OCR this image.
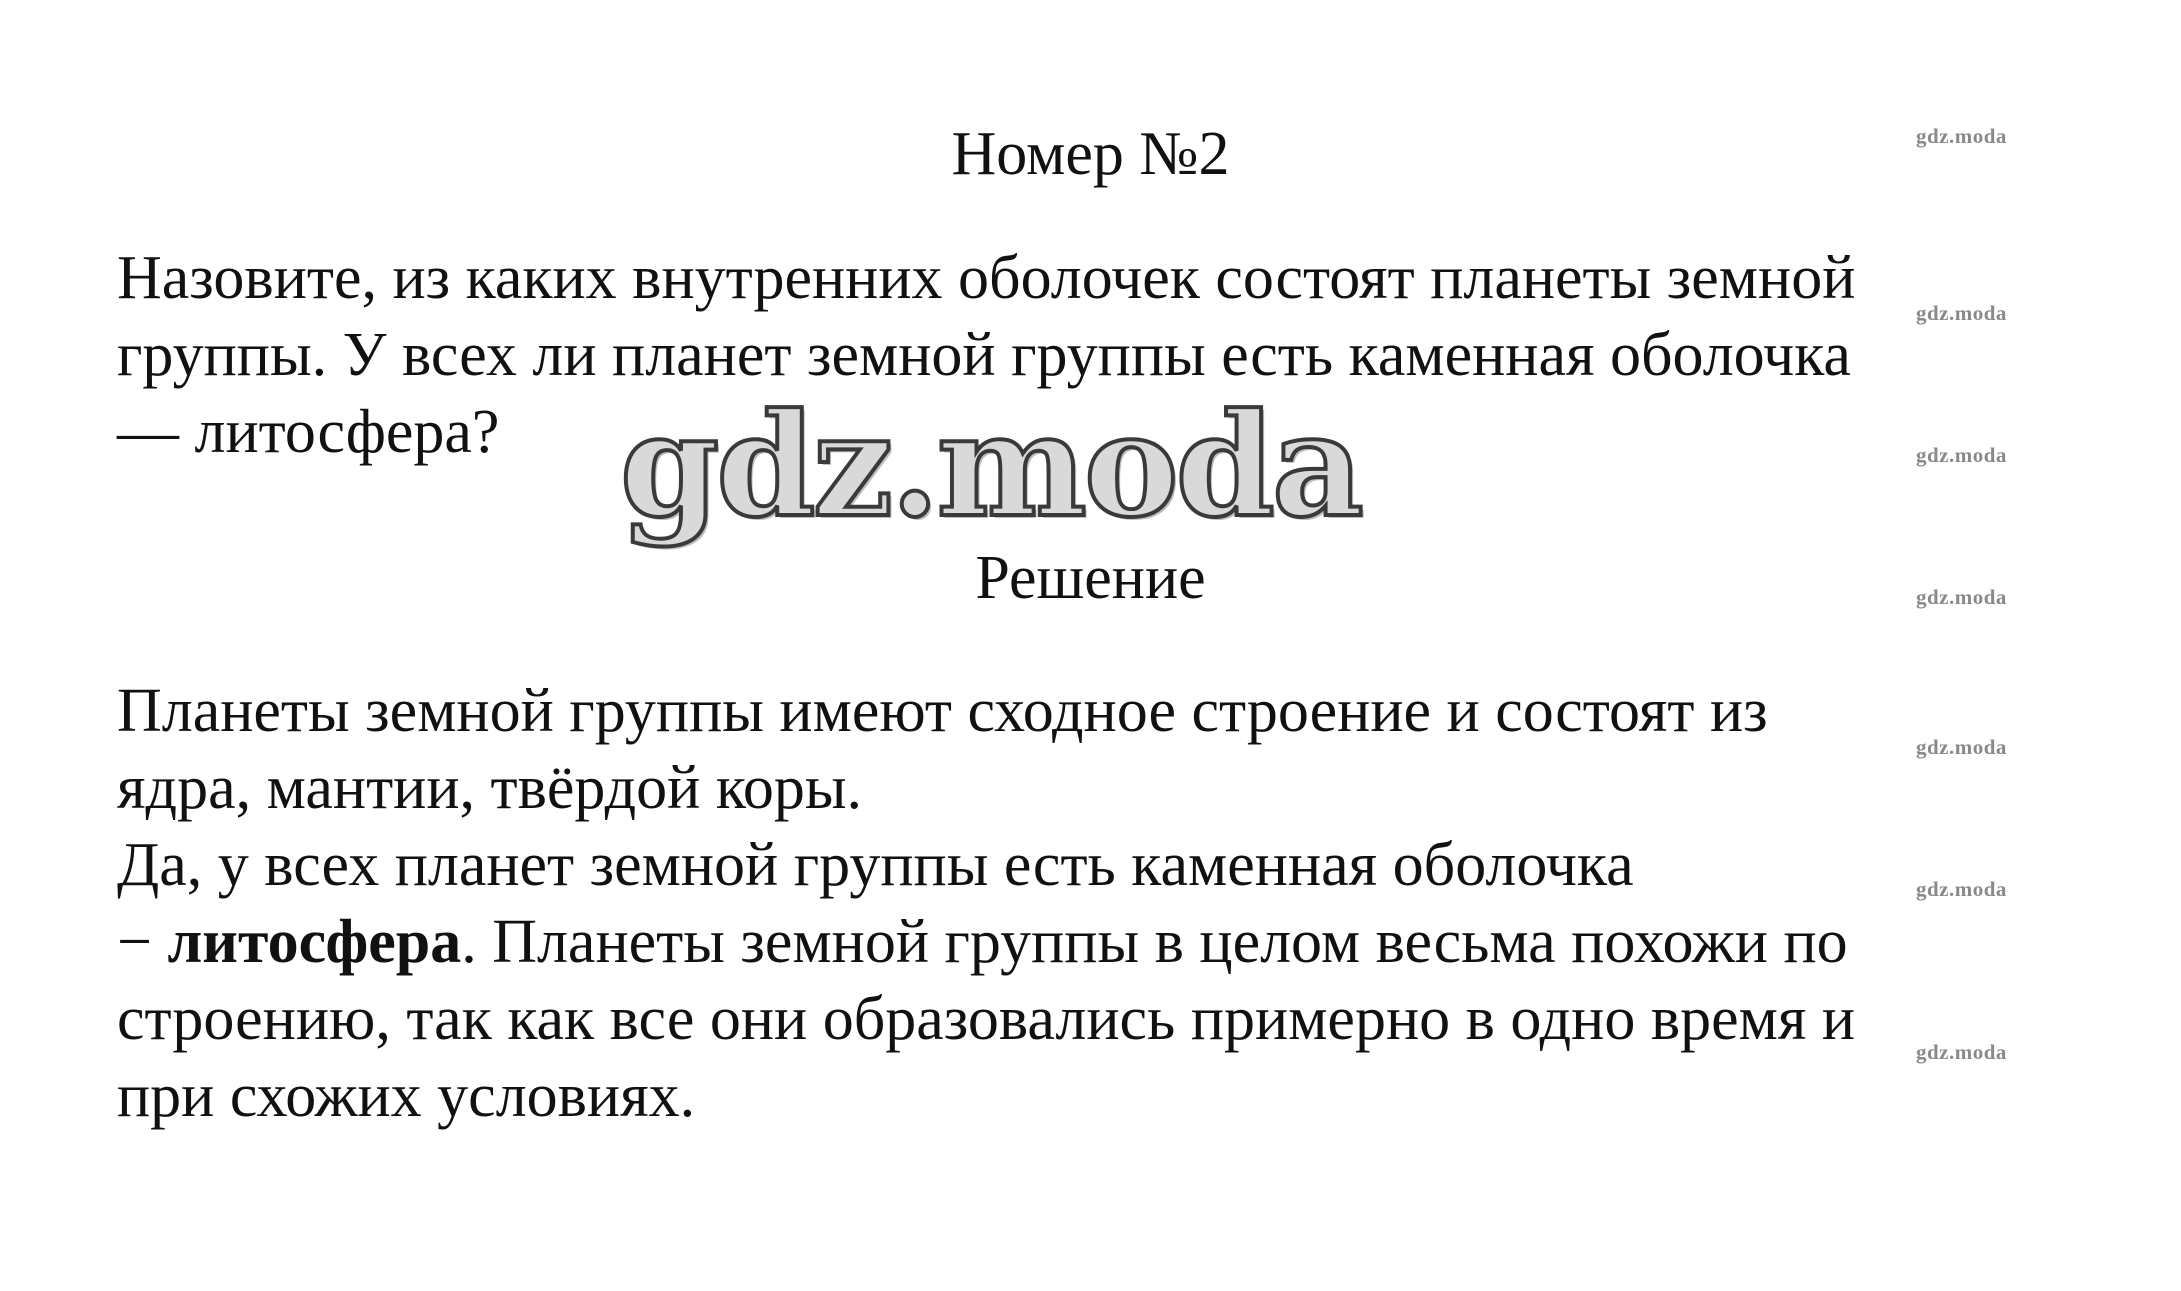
Номер №2
Назовите, из каких внутренних оболочек состоят планеты земной
группы. У всех ли планет земной группы есть каменная оболочка
— литосфера? gdz.moda
Решение
Планеты земной группы имеют сходное строение и состоят из
ядра, мантии, твёрдой коры.
Да, у всех планет земной группы есть каменная оболочка
− литосфера. Планеты земной группы в целом весьма похожи по
строению, так как все они образовались примерно в одно время и
при схожих условиях.
gdz.moda
gdz.moda
gdz.moda
gdz.moda
gdz.moda
gdz.moda
gdz.moda
